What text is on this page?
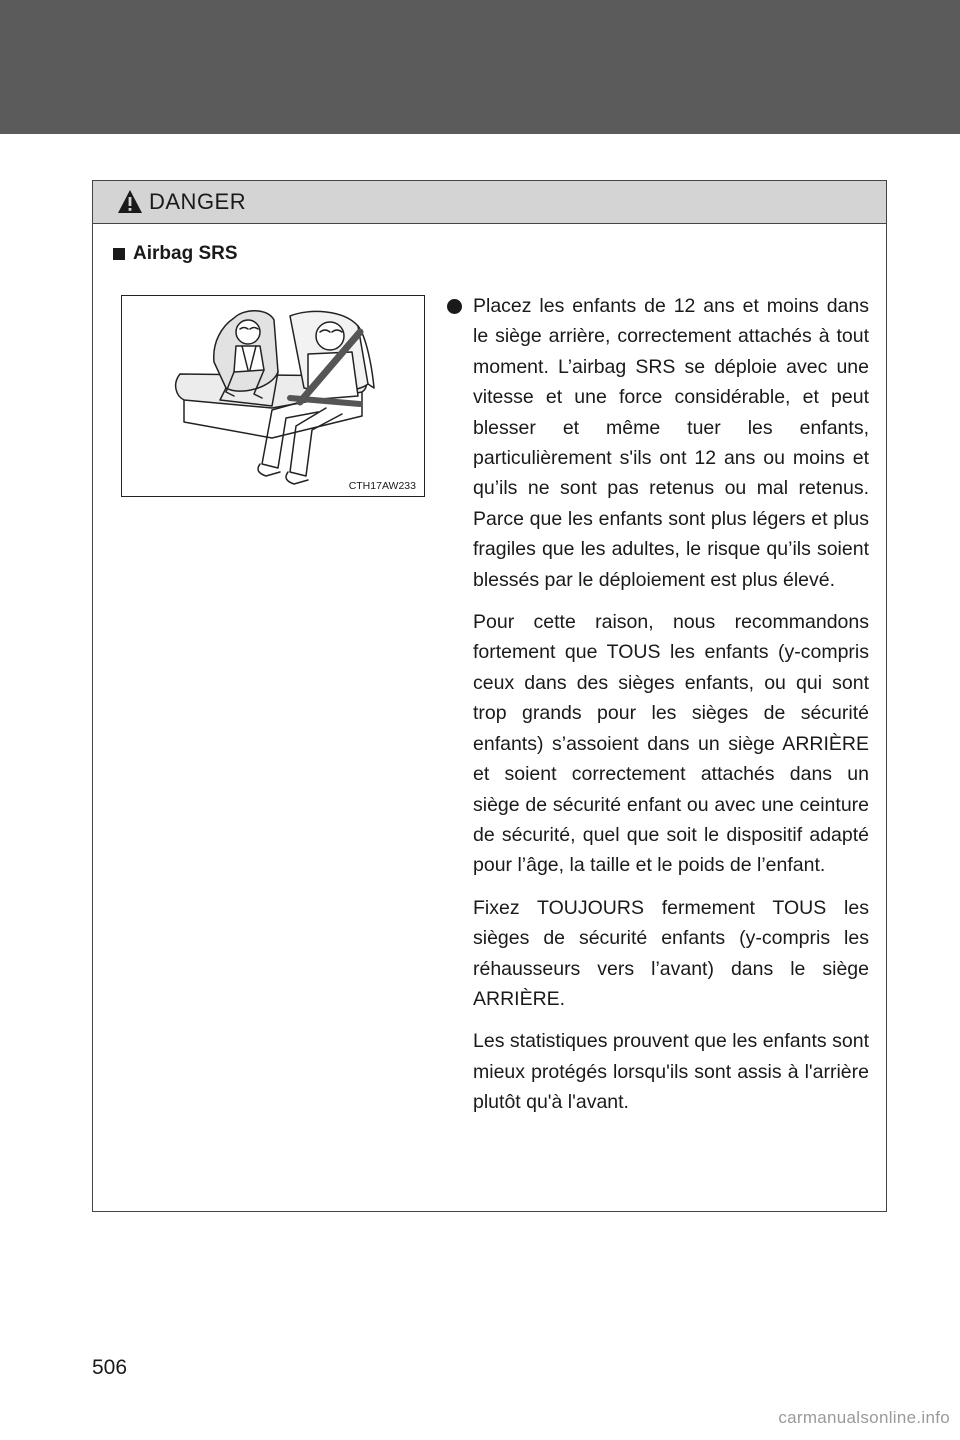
DANGER
Airbag SRS
CTH17AW233

Placez les enfants de 12 ans et moins dans le siège arrière, correctement attachés à tout moment. L’airbag SRS se déploie avec une vitesse et une force considérable, et peut blesser et même tuer les enfants, particulièrement s'ils ont 12 ans ou moins et qu’ils ne sont pas retenus ou mal retenus. Parce que les enfants sont plus légers et plus fragiles que les adultes, le risque qu’ils soient blessés par le déploiement est plus élevé.

Pour cette raison, nous recommandons fortement que TOUS les enfants (y-compris ceux dans des sièges enfants, ou qui sont trop grands pour les sièges de sécurité enfants) s’assoient dans un siège ARRIÈRE et soient correctement attachés dans un siège de sécurité enfant ou avec une ceinture de sécurité, quel que soit le dispositif adapté pour l’âge, la taille et le poids de l’enfant.

Fixez TOUJOURS fermement TOUS les sièges de sécurité enfants (y-compris les réhausseurs vers l’avant) dans le siège ARRIÈRE.

Les statistiques prouvent que les enfants sont mieux protégés lorsqu'ils sont assis à l'arrière plutôt qu'à l'avant.

506
carmanualsonline.info
